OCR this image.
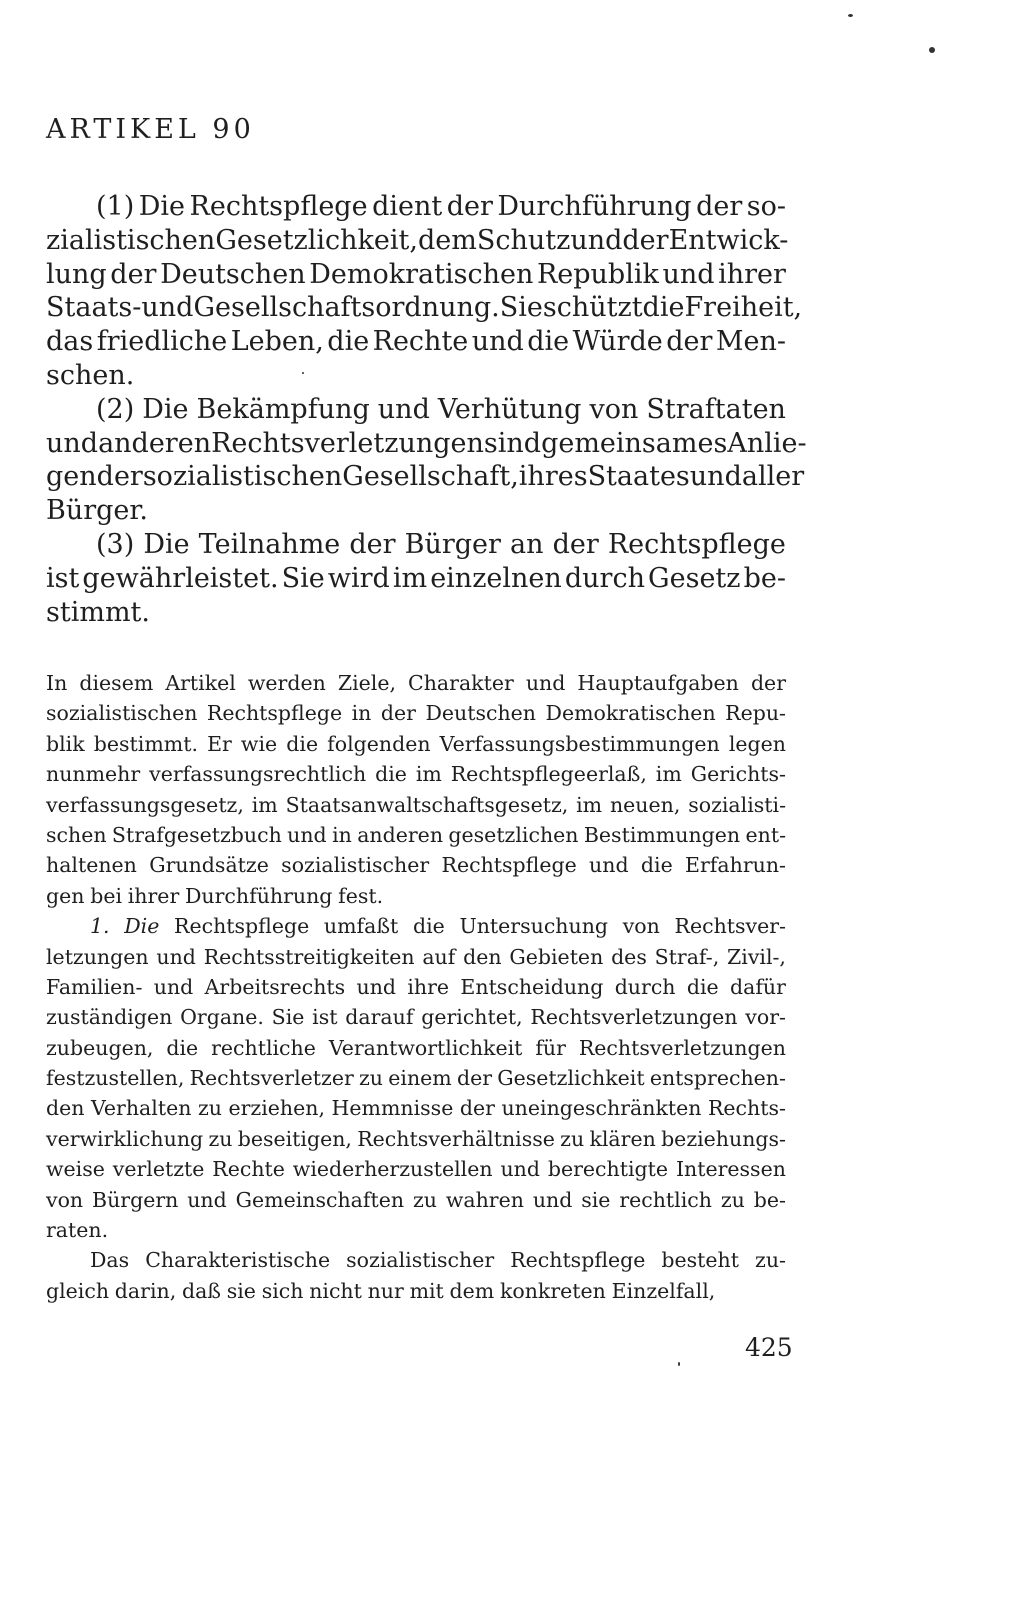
ARTIKEL 90
(1) Die Rechtspflege dient der Durchführung der so-
zialistischen Gesetzlichkeit, dem Schutz und der Entwick-
lung der Deutschen Demokratischen Republik und ihrer
Staats- und Gesellschaftsordnung. Sie schützt die Freiheit,
das friedliche Leben, die Rechte und die Würde der Men-
schen.
(2) Die Bekämpfung und Verhütung von Straftaten
und anderen Rechtsverletzungen sind gemeinsames Anlie-
gen der sozialistischen Gesellschaft, ihres Staates und aller
Bürger.
(3) Die Teilnahme der Bürger an der Rechtspflege
ist gewährleistet. Sie wird im einzelnen durch Gesetz be-
stimmt.
In diesem Artikel werden Ziele, Charakter und Hauptaufgaben der
sozialistischen Rechtspflege in der Deutschen Demokratischen Repu-
blik bestimmt. Er wie die folgenden Verfassungsbestimmungen legen
nunmehr verfassungsrechtlich die im Rechtspflegeerlaß, im Gerichts-
verfassungsgesetz, im Staatsanwaltschaftsgesetz, im neuen, sozialisti-
schen Strafgesetzbuch und in anderen gesetzlichen Bestimmungen ent-
haltenen Grundsätze sozialistischer Rechtspflege und die Erfahrun-
gen bei ihrer Durchführung fest.
1. Die Rechtspflege umfaßt die Untersuchung von Rechtsver-
letzungen und Rechtsstreitigkeiten auf den Gebieten des Straf-, Zivil-,
Familien- und Arbeitsrechts und ihre Entscheidung durch die dafür
zuständigen Organe. Sie ist darauf gerichtet, Rechtsverletzungen vor-
zubeugen, die rechtliche Verantwortlichkeit für Rechtsverletzungen
festzustellen, Rechtsverletzer zu einem der Gesetzlichkeit entsprechen-
den Verhalten zu erziehen, Hemmnisse der uneingeschränkten Rechts-
verwirklichung zu beseitigen, Rechtsverhältnisse zu klären beziehungs-
weise verletzte Rechte wiederherzustellen und berechtigte Interessen
von Bürgern und Gemeinschaften zu wahren und sie rechtlich zu be-
raten.
Das Charakteristische sozialistischer Rechtspflege besteht zu-
gleich darin, daß sie sich nicht nur mit dem konkreten Einzelfall,
425
